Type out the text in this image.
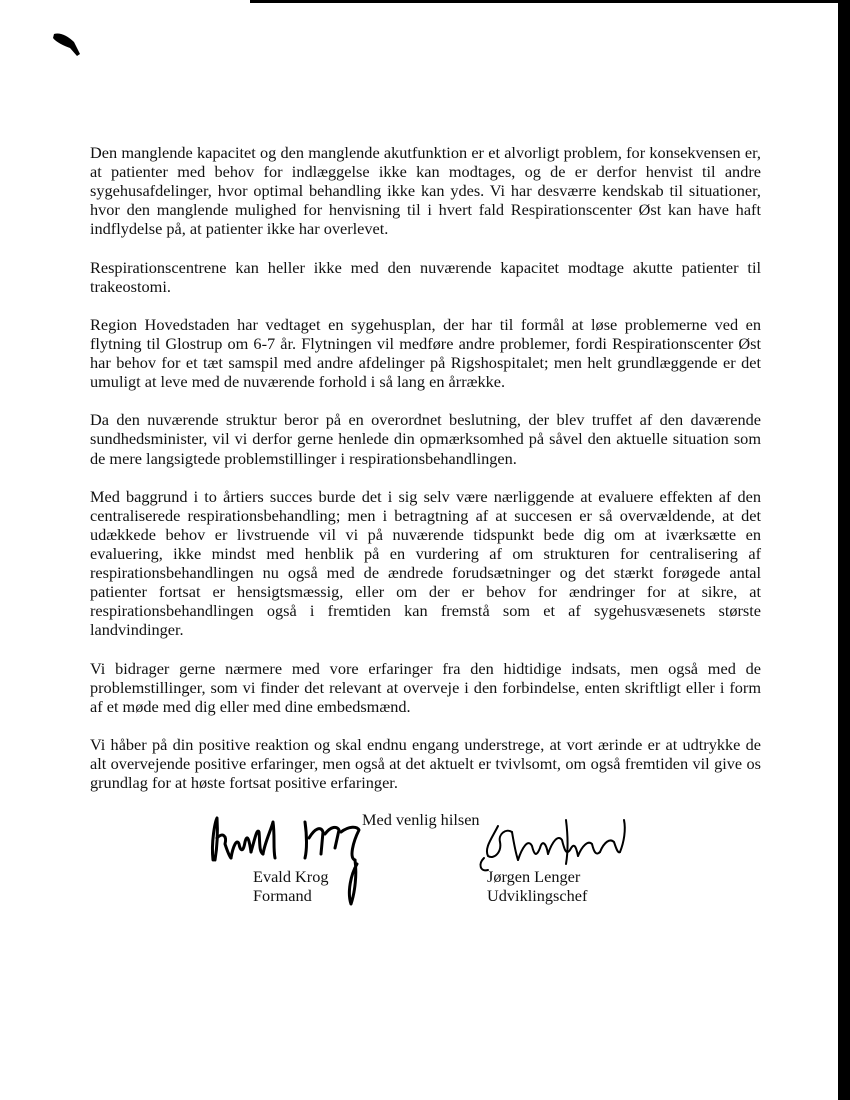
Den manglende kapacitet og den manglende akutfunktion er et alvorligt problem, for konsekvensen er, at patienter med behov for indlæggelse ikke kan modtages, og de er derfor henvist til andre sygehusafdelinger, hvor optimal behandling ikke kan ydes. Vi har desværre kendskab til situationer, hvor den manglende mulighed for henvisning til i hvert fald Respirationscenter Øst kan have haft indflydelse på, at patienter ikke har overlevet.

Respirationscentrene kan heller ikke med den nuværende kapacitet modtage akutte patienter til trakeostomi.

Region Hovedstaden har vedtaget en sygehusplan, der har til formål at løse problemerne ved en flytning til Glostrup om 6-7 år. Flytningen vil medføre andre problemer, fordi Respirationscenter Øst har behov for et tæt samspil med andre afdelinger på Rigshospitalet; men helt grundlæggende er det umuligt at leve med de nuværende forhold i så lang en årrække.

Da den nuværende struktur beror på en overordnet beslutning, der blev truffet af den daværende sundhedsminister, vil vi derfor gerne henlede din opmærksomhed på såvel den aktuelle situation som de mere langsigtede problemstillinger i respirationsbehandlingen.

Med baggrund i to årtiers succes burde det i sig selv være nærliggende at evaluere effekten af den centraliserede respirationsbehandling; men i betragtning af at succesen er så overvældende, at det udækkede behov er livstruende vil vi på nuværende tidspunkt bede dig om at iværksætte en evaluering, ikke mindst med henblik på en vurdering af om strukturen for centralisering af respirationsbehandlingen nu også med de ændrede forudsætninger og det stærkt forøgede antal patienter fortsat er hensigtsmæssig, eller om der er behov for ændringer for at sikre, at respirationsbehandlingen også i fremtiden kan fremstå som et af sygehusvæsenets største landvindinger.

Vi bidrager gerne nærmere med vore erfaringer fra den hidtidige indsats, men også med de problemstillinger, som vi finder det relevant at overveje i den forbindelse, enten skriftligt eller i form af et møde med dig eller med dine embedsmænd.

Vi håber på din positive reaktion og skal endnu engang understrege, at vort ærinde er at udtrykke de alt overvejende positive erfaringer, men også at det aktuelt er tvivlsomt, om også fremtiden vil give os grundlag for at høste fortsat positive erfaringer.

Med venlig hilsen
Evald Krog
Formand
Jørgen Lenger
Udviklingschef
